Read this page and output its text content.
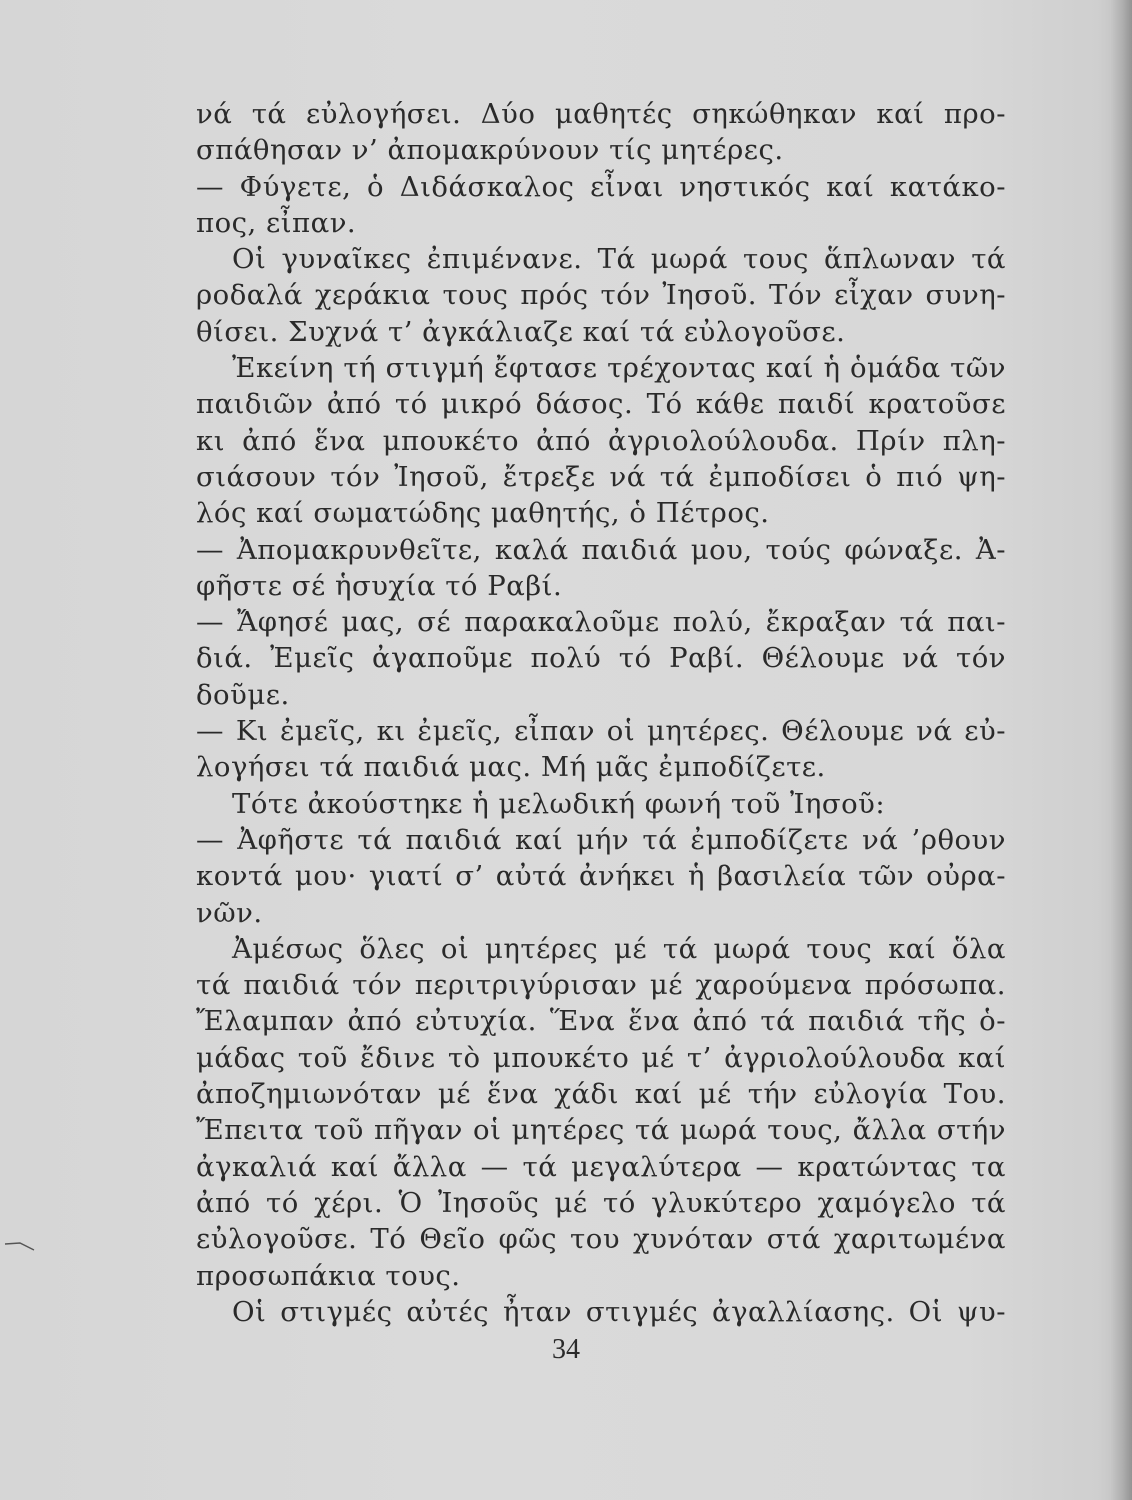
νά τά εὐλογήσει. Δύο μαθητές σηκώθηκαν καί προ-
σπάθησαν ν’ ἀπομακρύνουν τίς μητέρες.
— Φύγετε, ὁ Διδάσκαλος εἶναι νηστικός καί κατάκο-
πος, εἶπαν.
Οἱ γυναῖκες ἐπιμένανε. Τά μωρά τους ἅπλωναν τά
ροδαλά χεράκια τους πρός τόν Ἰησοῦ. Τόν εἶχαν συνη-
θίσει. Συχνά τ’ ἀγκάλιαζε καί τά εὐλογοῦσε.
Ἐκείνη τή στιγμή ἔφτασε τρέχοντας καί ἡ ὁμάδα τῶν
παιδιῶν ἀπό τό μικρό δάσος. Τό κάθε παιδί κρατοῦσε
κι ἀπό ἕνα μπουκέτο ἀπό ἀγριολούλουδα. Πρίν πλη-
σιάσουν τόν Ἰησοῦ, ἔτρεξε νά τά ἐμποδίσει ὁ πιό ψη-
λός καί σωματώδης μαθητής, ὁ Πέτρος.
— Ἀπομακρυνθεῖτε, καλά παιδιά μου, τούς φώναξε. Ἀ-
φῆστε σέ ἡσυχία τό Ραβί.
— Ἄφησέ μας, σέ παρακαλοῦμε πολύ, ἔκραξαν τά παι-
διά. Ἐμεῖς ἀγαποῦμε πολύ τό Ραβί. Θέλουμε νά τόν
δοῦμε.
— Κι ἐμεῖς, κι ἐμεῖς, εἶπαν οἱ μητέρες. Θέλουμε νά εὐ-
λογήσει τά παιδιά μας. Μή μᾶς ἐμποδίζετε.
Τότε ἀκούστηκε ἡ μελωδική φωνή τοῦ Ἰησοῦ:
— Ἀφῆστε τά παιδιά καί μήν τά ἐμποδίζετε νά ’ρθουν
κοντά μου· γιατί σ’ αὐτά ἀνήκει ἡ βασιλεία τῶν οὐρα-
νῶν.
Ἀμέσως ὅλες οἱ μητέρες μέ τά μωρά τους καί ὅλα
τά παιδιά τόν περιτριγύρισαν μέ χαρούμενα πρόσωπα.
Ἔλαμπαν ἀπό εὐτυχία. Ἕνα ἕνα ἀπό τά παιδιά τῆς ὁ-
μάδας τοῦ ἔδινε τὸ μπουκέτο μέ τ’ ἀγριολούλουδα καί
ἀποζημιωνόταν μέ ἕνα χάδι καί μέ τήν εὐλογία Του.
Ἔπειτα τοῦ πῆγαν οἱ μητέρες τά μωρά τους, ἄλλα στήν
ἀγκαλιά καί ἄλλα — τά μεγαλύτερα — κρατώντας τα
ἀπό τό χέρι. Ὁ Ἰησοῦς μέ τό γλυκύτερο χαμόγελο τά
εὐλογοῦσε. Τό Θεῖο φῶς του χυνόταν στά χαριτωμένα
προσωπάκια τους.
Οἱ στιγμές αὐτές ἦταν στιγμές ἀγαλλίασης. Οἱ ψυ-
34
